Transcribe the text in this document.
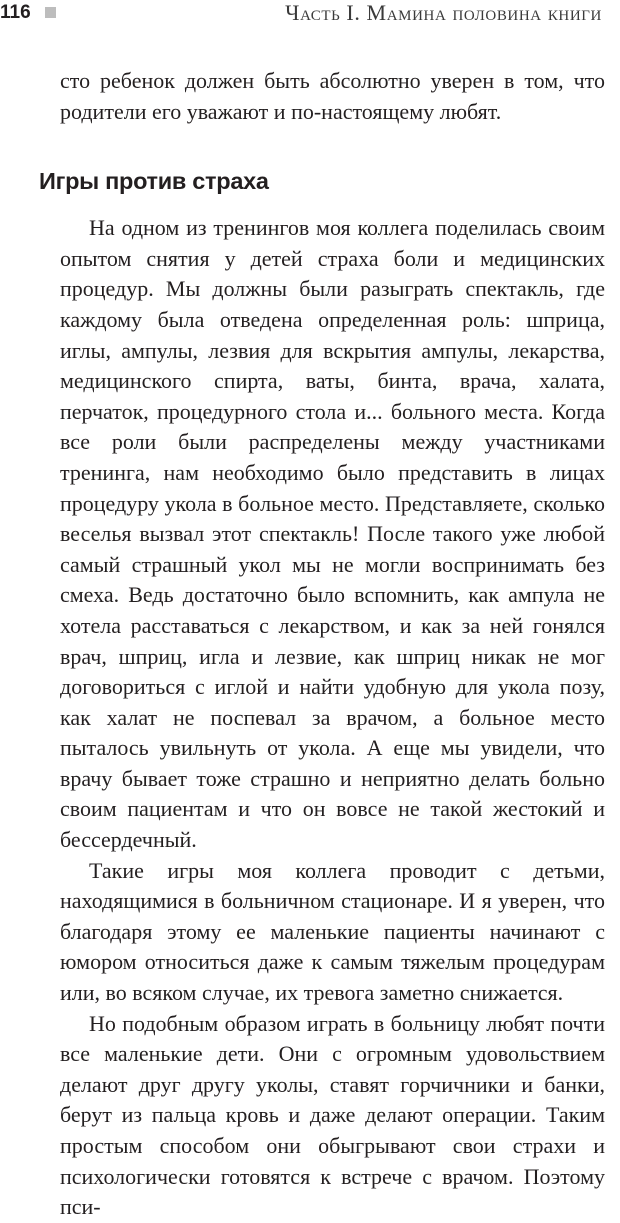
116	Часть I. Мамина половина книги

сто ребенок должен быть абсолютно уверен в том, что родители его уважают и по-настоящему любят.

Игры против страха

На одном из тренингов моя коллега поделилась своим опытом снятия у детей страха боли и медицинских процедур. Мы должны были разыграть спектакль, где каждому была отведена определенная роль: шприца, иглы, ампулы, лезвия для вскрытия ампулы, лекарства, медицинского спирта, ваты, бинта, врача, халата, перчаток, процедурного стола и... больного места. Когда все роли были распределены между участниками тренинга, нам необходимо было представить в лицах процедуру укола в больное место. Представляете, сколько веселья вызвал этот спектакль! После такого уже любой самый страшный укол мы не могли воспринимать без смеха. Ведь достаточно было вспомнить, как ампула не хотела расставаться с лекарством, и как за ней гонялся врач, шприц, игла и лезвие, как шприц никак не мог договориться с иглой и найти удобную для укола позу, как халат не поспевал за врачом, а больное место пыталось увильнуть от укола. А еще мы увидели, что врачу бывает тоже страшно и неприятно делать больно своим пациентам и что он вовсе не такой жестокий и бессердечный.

Такие игры моя коллега проводит с детьми, находящимися в больничном стационаре. И я уверен, что благодаря этому ее маленькие пациенты начинают с юмором относиться даже к самым тяжелым процедурам или, во всяком случае, их тревога заметно снижается.

Но подобным образом играть в больницу любят почти все маленькие дети. Они с огромным удовольствием делают друг другу уколы, ставят горчичники и банки, берут из пальца кровь и даже делают операции. Таким простым способом они обыгрывают свои страхи и психологически готовятся к встрече с врачом. Поэтому пси-
